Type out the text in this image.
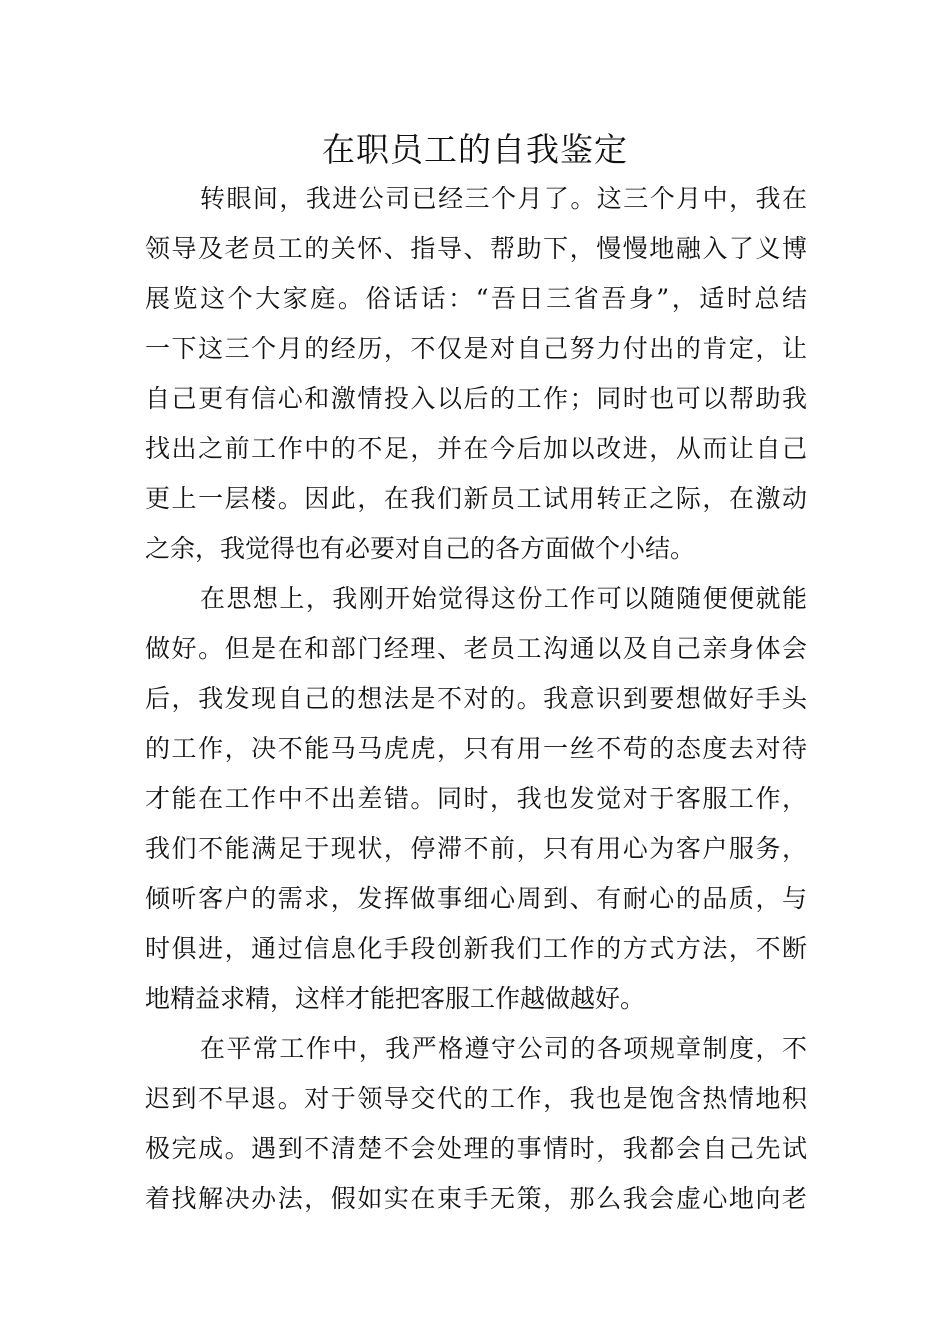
在职员工的自我鉴定
转眼间，我进公司已经三个月了。这三个月中，我在
领导及老员工的关怀、指导、帮助下，慢慢地融入了义博
展览这个大家庭。俗话话：“吾日三省吾身”，适时总结
一下这三个月的经历，不仅是对自己努力付出的肯定，让
自己更有信心和激情投入以后的工作；同时也可以帮助我
找出之前工作中的不足，并在今后加以改进，从而让自己
更上一层楼。因此，在我们新员工试用转正之际，在激动
之余，我觉得也有必要对自己的各方面做个小结。
在思想上，我刚开始觉得这份工作可以随随便便就能
做好。但是在和部门经理、老员工沟通以及自己亲身体会
后，我发现自己的想法是不对的。我意识到要想做好手头
的工作，决不能马马虎虎，只有用一丝不苟的态度去对待
才能在工作中不出差错。同时，我也发觉对于客服工作，
我们不能满足于现状，停滞不前，只有用心为客户服务，
倾听客户的需求，发挥做事细心周到、有耐心的品质，与
时俱进，通过信息化手段创新我们工作的方式方法，不断
地精益求精，这样才能把客服工作越做越好。
在平常工作中，我严格遵守公司的各项规章制度，不
迟到不早退。对于领导交代的工作，我也是饱含热情地积
极完成。遇到不清楚不会处理的事情时，我都会自己先试
着找解决办法，假如实在束手无策，那么我会虚心地向老
